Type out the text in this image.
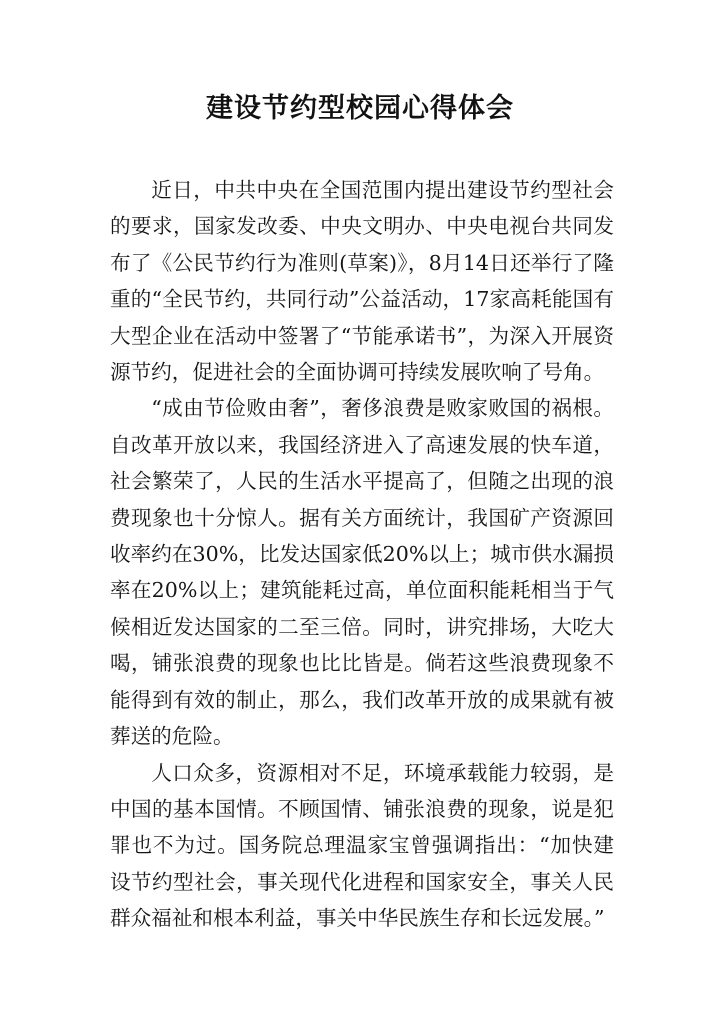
建设节约型校园心得体会

近日，中共中央在全国范围内提出建设节约型社会的要求，国家发改委、中央文明办、中央电视台共同发布了《公民节约行为准则(草案)》，8月14日还举行了隆重的“全民节约，共同行动”公益活动，17家高耗能国有大型企业在活动中签署了“节能承诺书”，为深入开展资源节约，促进社会的全面协调可持续发展吹响了号角。

“成由节俭败由奢”，奢侈浪费是败家败国的祸根。自改革开放以来，我国经济进入了高速发展的快车道，社会繁荣了，人民的生活水平提高了，但随之出现的浪费现象也十分惊人。据有关方面统计，我国矿产资源回收率约在30%，比发达国家低20%以上；城市供水漏损率在20%以上；建筑能耗过高，单位面积能耗相当于气候相近发达国家的二至三倍。同时，讲究排场，大吃大喝，铺张浪费的现象也比比皆是。倘若这些浪费现象不能得到有效的制止，那么，我们改革开放的成果就有被葬送的危险。

人口众多，资源相对不足，环境承载能力较弱，是中国的基本国情。不顾国情、铺张浪费的现象，说是犯罪也不为过。国务院总理温家宝曾强调指出：“加快建设节约型社会，事关现代化进程和国家安全，事关人民群众福祉和根本利益，事关中华民族生存和长远发展。”
